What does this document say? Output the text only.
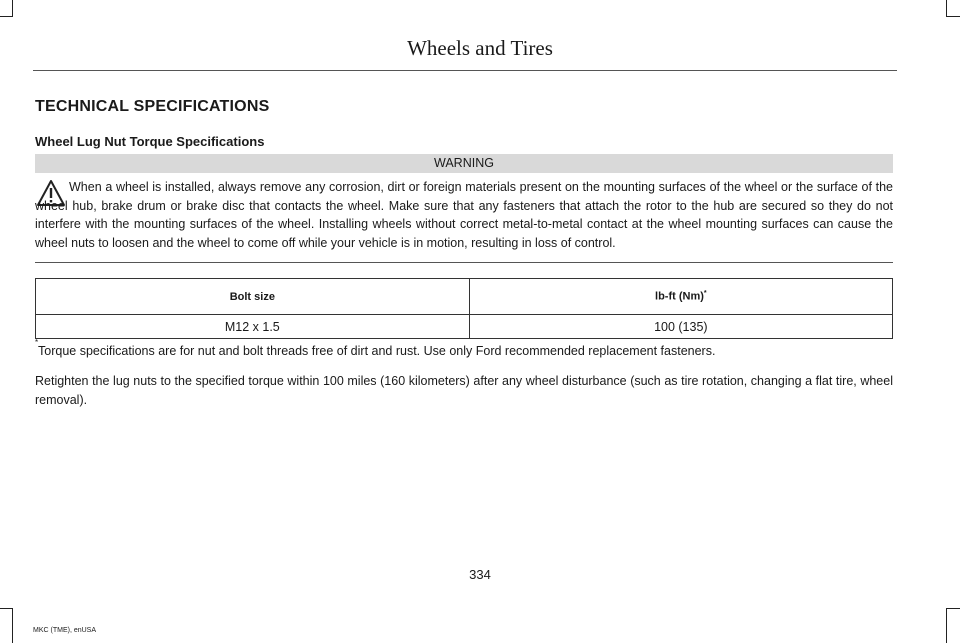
Wheels and Tires
TECHNICAL SPECIFICATIONS
Wheel Lug Nut Torque Specifications
WARNING
When a wheel is installed, always remove any corrosion, dirt or foreign materials present on the mounting surfaces of the wheel or the surface of the wheel hub, brake drum or brake disc that contacts the wheel. Make sure that any fasteners that attach the rotor to the hub are secured so they do not interfere with the mounting surfaces of the wheel. Installing wheels without correct metal-to-metal contact at the wheel mounting surfaces can cause the wheel nuts to loosen and the wheel to come off while your vehicle is in motion, resulting in loss of control.
Bolt size	lb-ft (Nm)*
M12 x 1.5	100 (135)
*
Torque specifications are for nut and bolt threads free of dirt and rust. Use only Ford recommended replacement fasteners.
Retighten the lug nuts to the specified torque within 100 miles (160 kilometers) after any wheel disturbance (such as tire rotation, changing a flat tire, wheel removal).
334
MKC (TME), enUSA
